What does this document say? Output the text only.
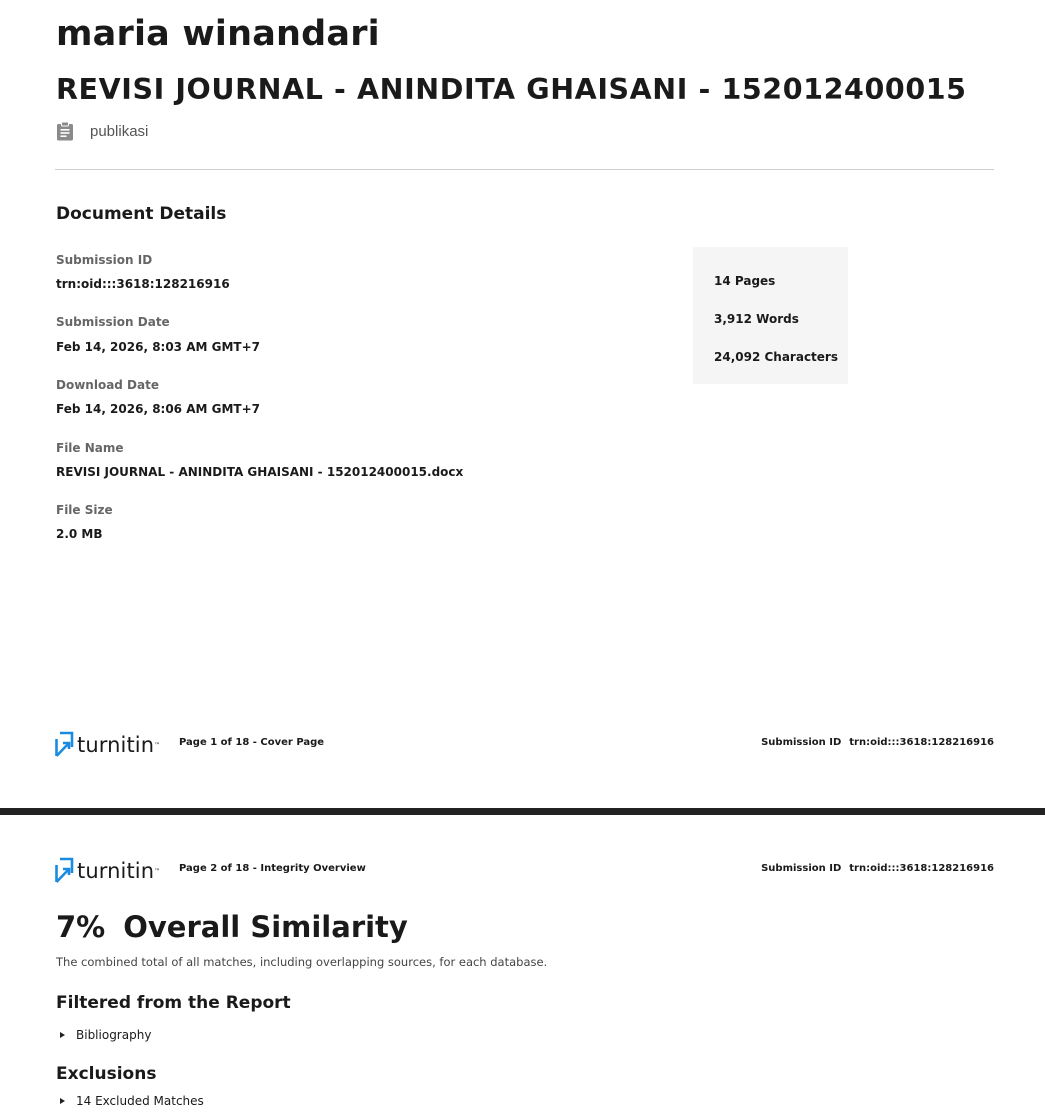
maria winandari
REVISI JOURNAL - ANINDITA GHAISANI - 152012400015
publikasi
Document Details
Submission ID
trn:oid:::3618:128216916
Submission Date
Feb 14, 2026, 8:03 AM GMT+7
Download Date
Feb 14, 2026, 8:06 AM GMT+7
File Name
REVISI JOURNAL - ANINDITA GHAISANI - 152012400015.docx
File Size
2.0 MB
14 Pages
3,912 Words
24,092 Characters
turnitin ™ Page 1 of 18 - Cover Page	Submission ID trn:oid:::3618:128216916
turnitin ™ Page 2 of 18 - Integrity Overview	Submission ID trn:oid:::3618:128216916
7% Overall Similarity
The combined total of all matches, including overlapping sources, for each database.
Filtered from the Report
Bibliography
Exclusions
14 Excluded Matches
